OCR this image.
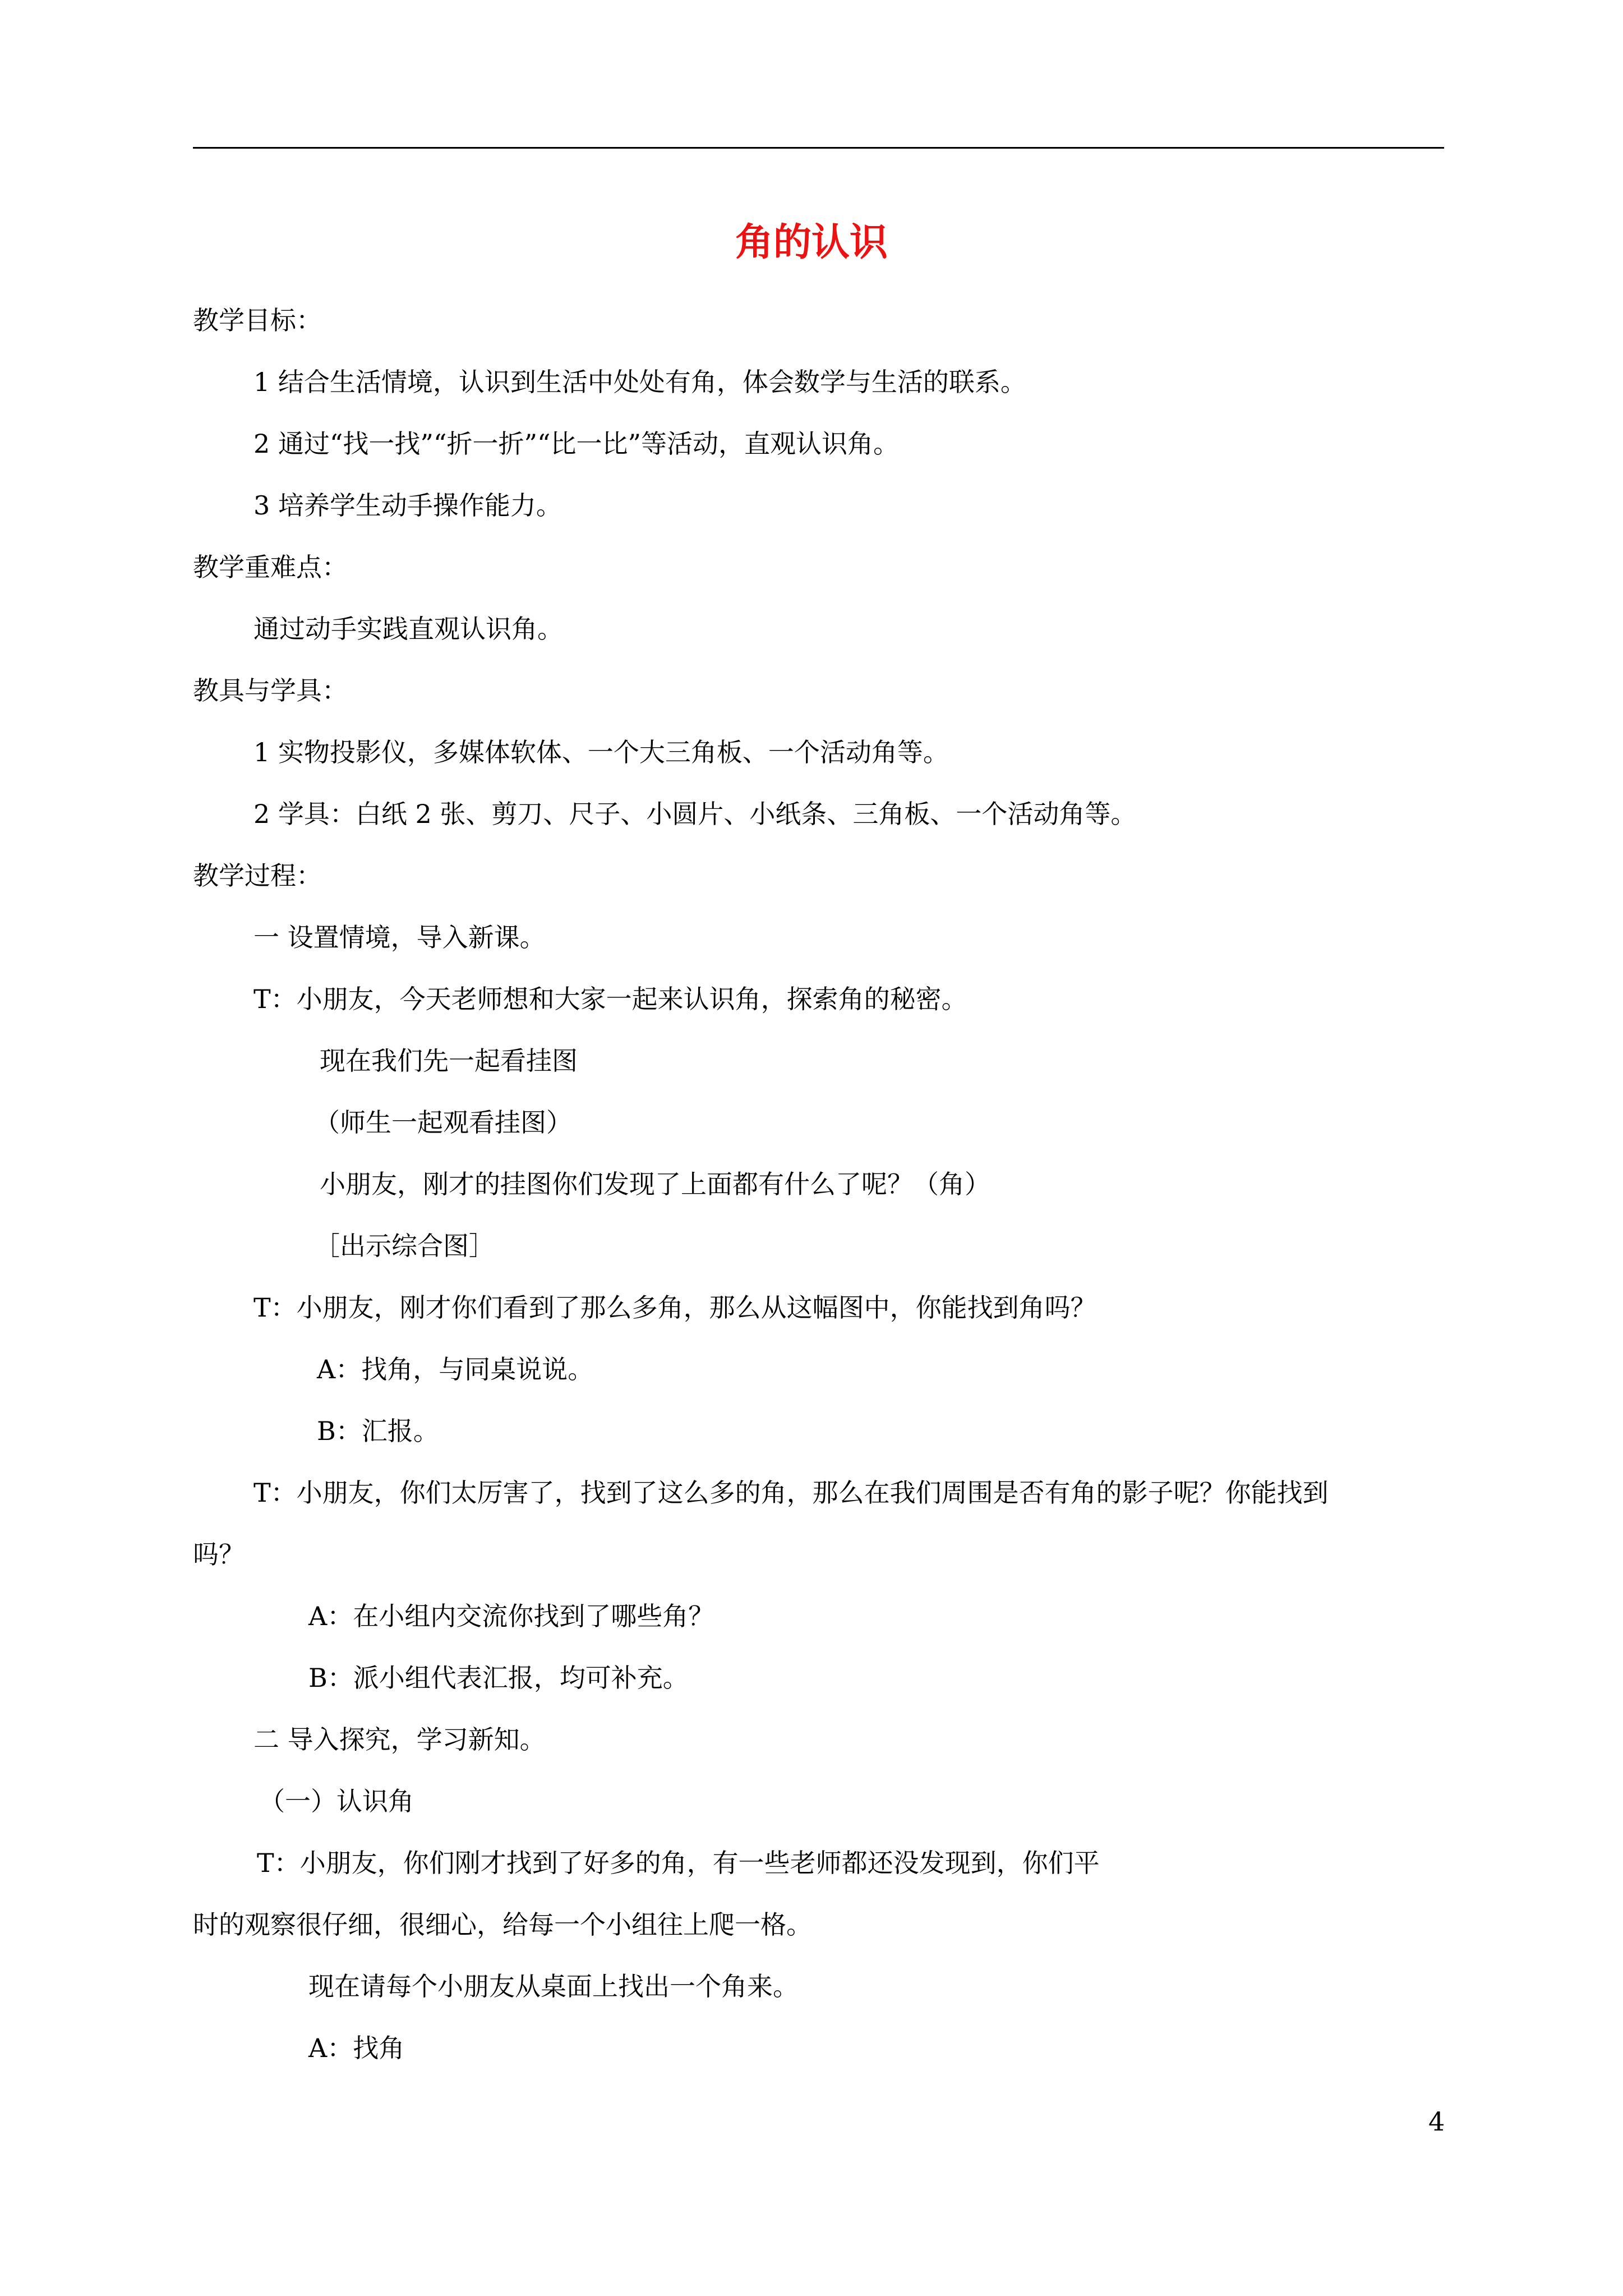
角的认识
教学目标：
1 结合生活情境，认识到生活中处处有角，体会数学与生活的联系。
2 通过“找一找”“折一折”“比一比”等活动，直观认识角。
3 培养学生动手操作能力。
教学重难点：
通过动手实践直观认识角。
教具与学具：
1 实物投影仪，多媒体软体、一个大三角板、一个活动角等。
2 学具：白纸 2 张、剪刀、尺子、小圆片、小纸条、三角板、一个活动角等。
教学过程：
一 设置情境，导入新课。
T：小朋友，今天老师想和大家一起来认识角，探索角的秘密。
现在我们先一起看挂图
（师生一起观看挂图）
小朋友，刚才的挂图你们发现了上面都有什么了呢？（角）
［出示综合图］
T：小朋友，刚才你们看到了那么多角，那么从这幅图中，你能找到角吗？
A：找角，与同桌说说。
B：汇报。
T：小朋友，你们太厉害了，找到了这么多的角，那么在我们周围是否有角的影子呢？你能找到
吗？
A：在小组内交流你找到了哪些角？
B：派小组代表汇报，均可补充。
二 导入探究，学习新知。
（一）认识角
T：小朋友，你们刚才找到了好多的角，有一些老师都还没发现到，你们平
时的观察很仔细，很细心，给每一个小组往上爬一格。
现在请每个小朋友从桌面上找出一个角来。
A：找角
4
